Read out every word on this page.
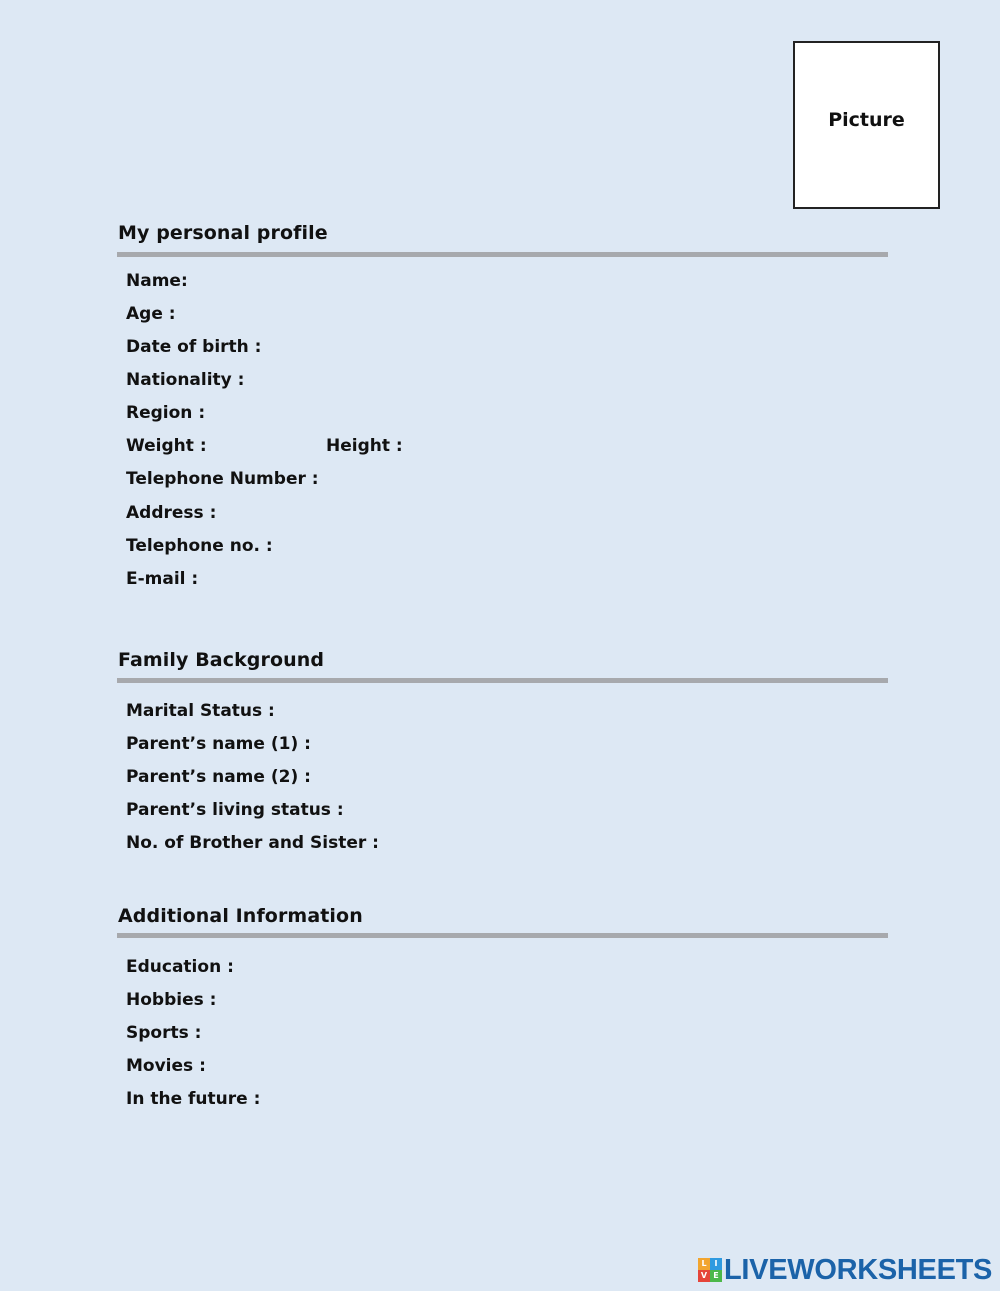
Picture
My personal profile
Name:
Age :
Date of birth :
Nationality :
Region :
Weight :	Height :
Telephone Number :
Address :
Telephone no. :
E-mail :
Family Background
Marital Status :
Parent’s name (1) :
Parent’s name (2) :
Parent’s living status :
No. of Brother and Sister :
Additional Information
Education :
Hobbies :
Sports :
Movies :
In the future :
L I
V E LIVEWORKSHEETS
